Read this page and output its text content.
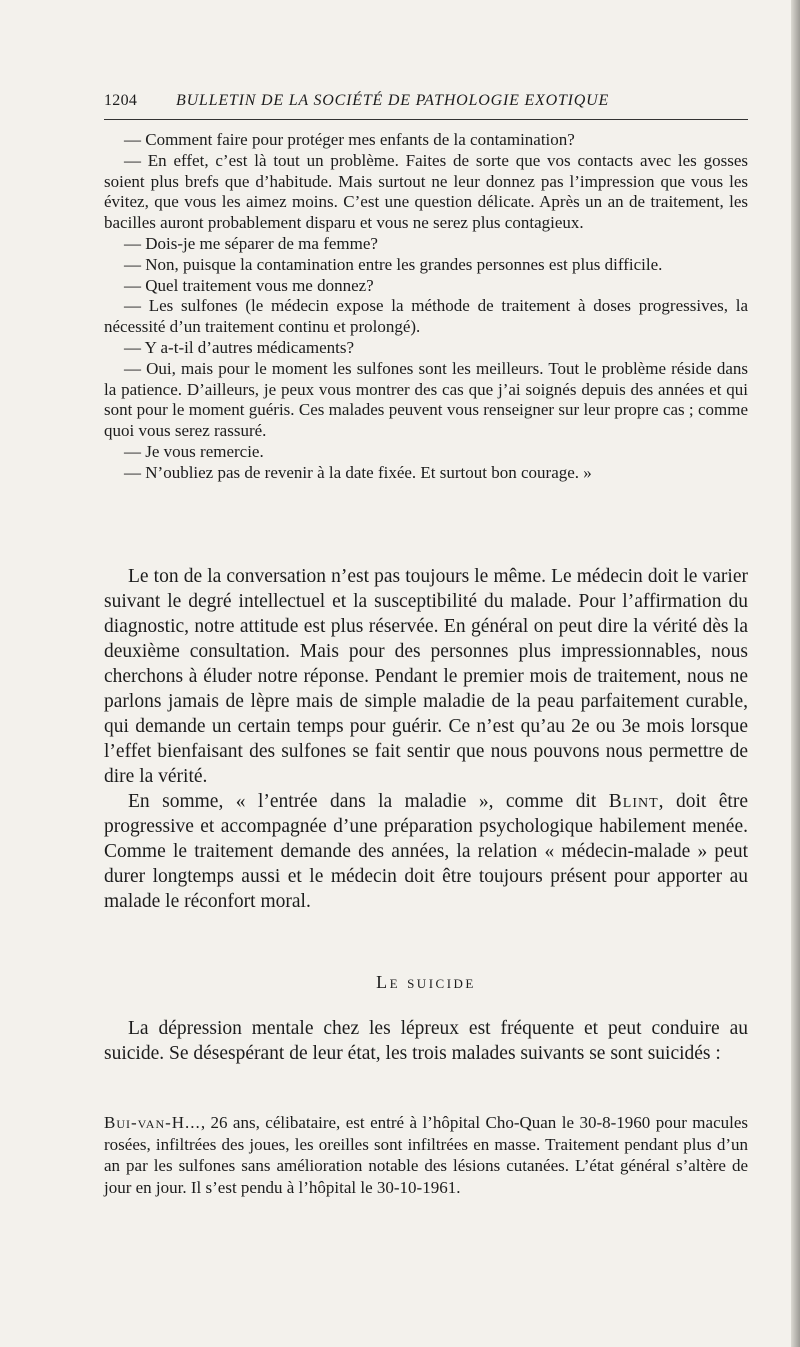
1204 BULLETIN DE LA SOCIÉTÉ DE PATHOLOGIE EXOTIQUE

— Comment faire pour protéger mes enfants de la contamination?

— En effet, c’est là tout un problème. Faites de sorte que vos contacts avec les gosses soient plus brefs que d’habitude. Mais surtout ne leur donnez pas l’impression que vous les évitez, que vous les aimez moins. C’est une question délicate. Après un an de traitement, les bacilles auront probablement disparu et vous ne serez plus contagieux.

— Dois-je me séparer de ma femme?

— Non, puisque la contamination entre les grandes personnes est plus difficile.

— Quel traitement vous me donnez?

— Les sulfones (le médecin expose la méthode de traitement à doses progressives, la nécessité d’un traitement continu et prolongé).

— Y a-t-il d’autres médicaments?

— Oui, mais pour le moment les sulfones sont les meilleurs. Tout le problème réside dans la patience. D’ailleurs, je peux vous montrer des cas que j’ai soignés depuis des années et qui sont pour le moment guéris. Ces malades peuvent vous renseigner sur leur propre cas ; comme quoi vous serez rassuré.

— Je vous remercie.

— N’oubliez pas de revenir à la date fixée. Et surtout bon courage. »

Le ton de la conversation n’est pas toujours le même. Le médecin doit le varier suivant le degré intellectuel et la susceptibilité du malade. Pour l’affirmation du diagnostic, notre attitude est plus réservée. En général on peut dire la vérité dès la deuxième consultation. Mais pour des personnes plus impressionnables, nous cherchons à éluder notre réponse. Pendant le premier mois de traitement, nous ne parlons jamais de lèpre mais de simple maladie de la peau parfaitement curable, qui demande un certain temps pour guérir. Ce n’est qu’au 2e ou 3e mois lorsque l’effet bienfaisant des sulfones se fait sentir que nous pouvons nous permettre de dire la vérité.

En somme, « l’entrée dans la maladie », comme dit Blint, doit être progressive et accompagnée d’une préparation psychologique habilement menée. Comme le traitement demande des années, la relation « médecin-malade » peut durer longtemps aussi et le médecin doit être toujours présent pour apporter au malade le réconfort moral.

Le suicide

La dépression mentale chez les lépreux est fréquente et peut conduire au suicide. Se désespérant de leur état, les trois malades suivants se sont suicidés :

Bui-van-H..., 26 ans, célibataire, est entré à l’hôpital Cho-Quan le 30-8-1960 pour macules rosées, infiltrées des joues, les oreilles sont infiltrées en masse. Traitement pendant plus d’un an par les sulfones sans amélioration notable des lésions cutanées. L’état général s’altère de jour en jour. Il s’est pendu à l’hôpital le 30-10-1961.
